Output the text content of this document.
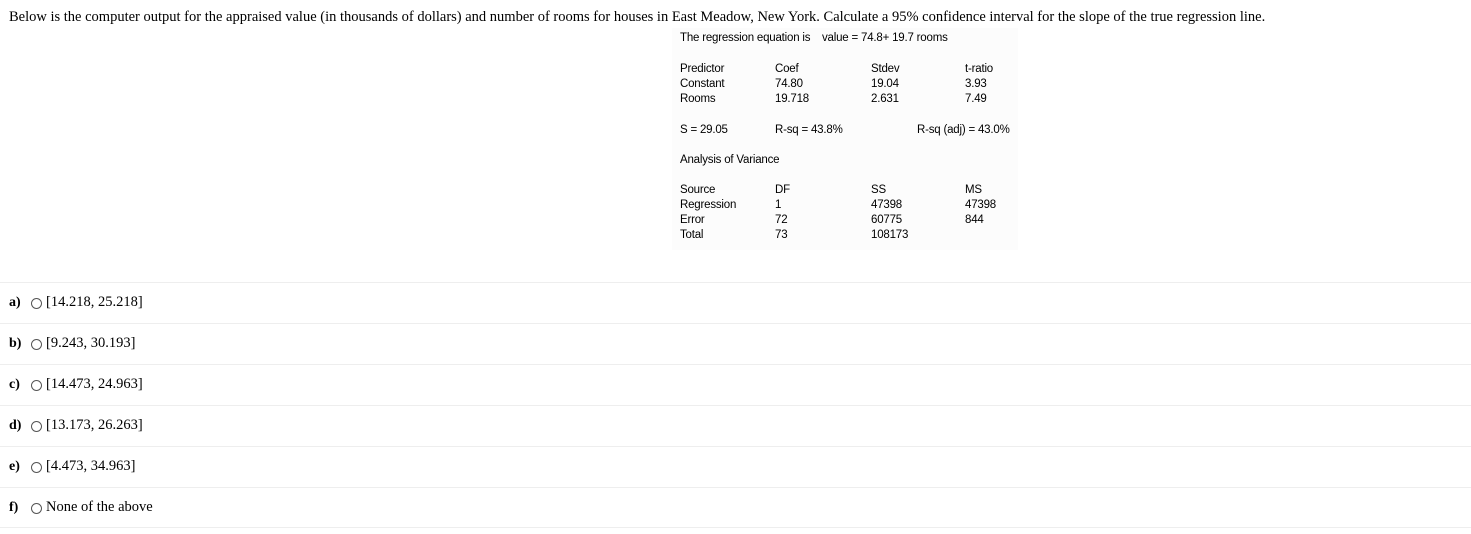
Below is the computer output for the appraised value (in thousands of dollars) and number of rooms for houses in East Meadow, New York. Calculate a 95% confidence interval for the slope of the true regression line.
The regression equation is value = 74.8+ 19.7 rooms
Predictor
Constant
Rooms
Coef
74.80
19.718
Stdev
19.04
2.631
t-ratio
3.93
7.49
S = 29.05	R-sq = 43.8%	R-sq (adj) = 43.0%
Analysis of Variance
Source
Regression
Error
Total
DF
1
72
73
SS
47398
60775
108173
MS
47398
844
a) [14.218, 25.218]
b) [9.243, 30.193]
c) [14.473, 24.963]
d) [13.173, 26.263]
e) [4.473, 34.963]
f) None of the above
